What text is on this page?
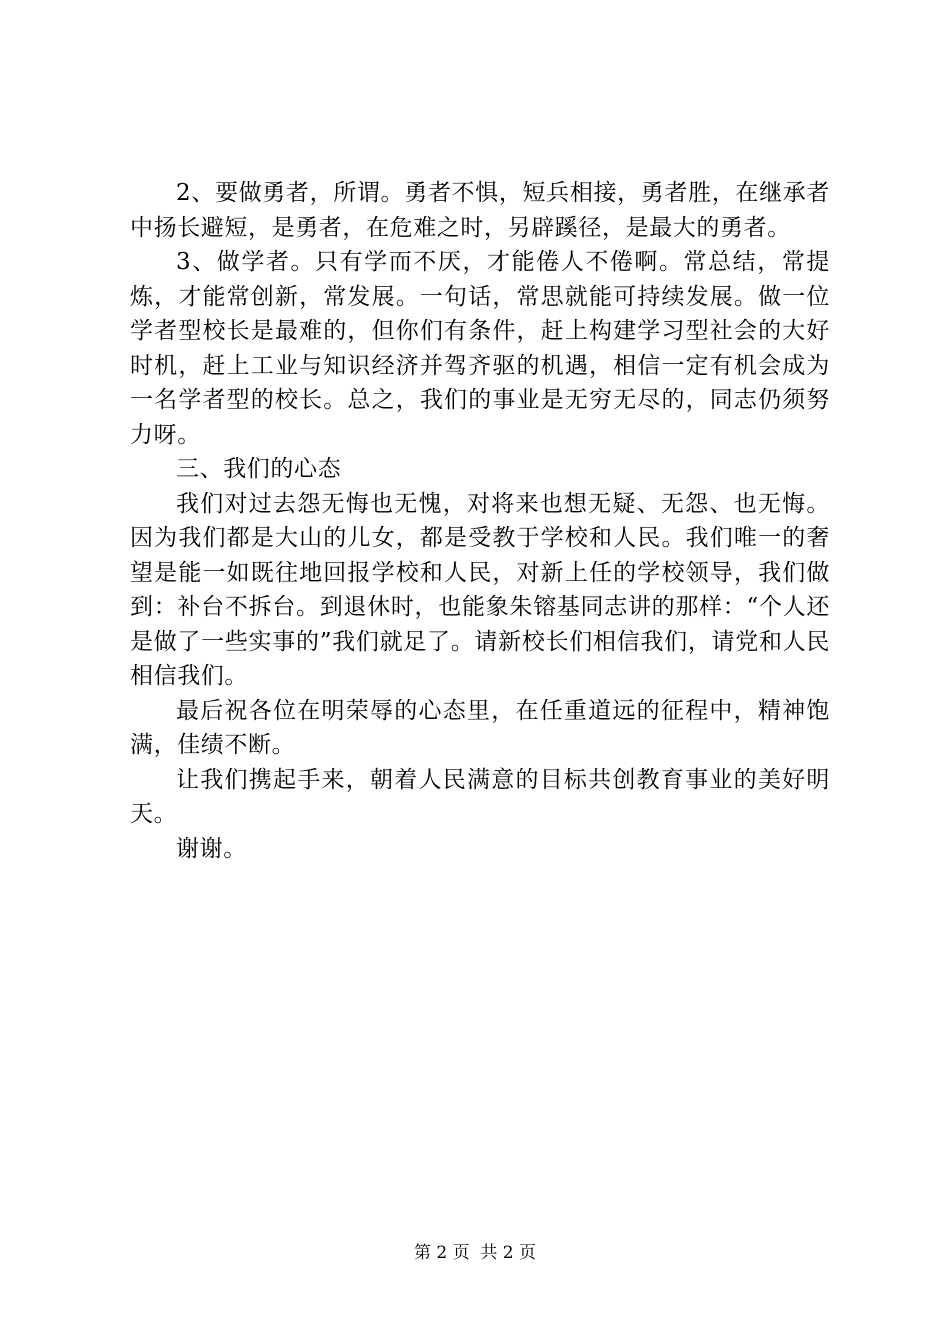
2、要做勇者，所谓。勇者不惧，短兵相接，勇者胜，在继承者中扬长避短，是勇者，在危难之时，另辟蹊径，是最大的勇者。

3、做学者。只有学而不厌，才能倦人不倦啊。常总结，常提炼，才能常创新，常发展。一句话，常思就能可持续发展。做一位学者型校长是最难的，但你们有条件，赶上构建学习型社会的大好时机，赶上工业与知识经济并驾齐驱的机遇，相信一定有机会成为一名学者型的校长。总之，我们的事业是无穷无尽的，同志仍须努力呀。

三、我们的心态

我们对过去怨无悔也无愧，对将来也想无疑、无怨、也无悔。因为我们都是大山的儿女，都是受教于学校和人民。我们唯一的奢望是能一如既往地回报学校和人民，对新上任的学校领导，我们做到：补台不拆台。到退休时，也能象朱镕基同志讲的那样：“个人还是做了一些实事的”我们就足了。请新校长们相信我们，请党和人民相信我们。

最后祝各位在明荣辱的心态里，在任重道远的征程中，精神饱满，佳绩不断。

让我们携起手来，朝着人民满意的目标共创教育事业的美好明天。

谢谢。

第 2 页  共 2 页
